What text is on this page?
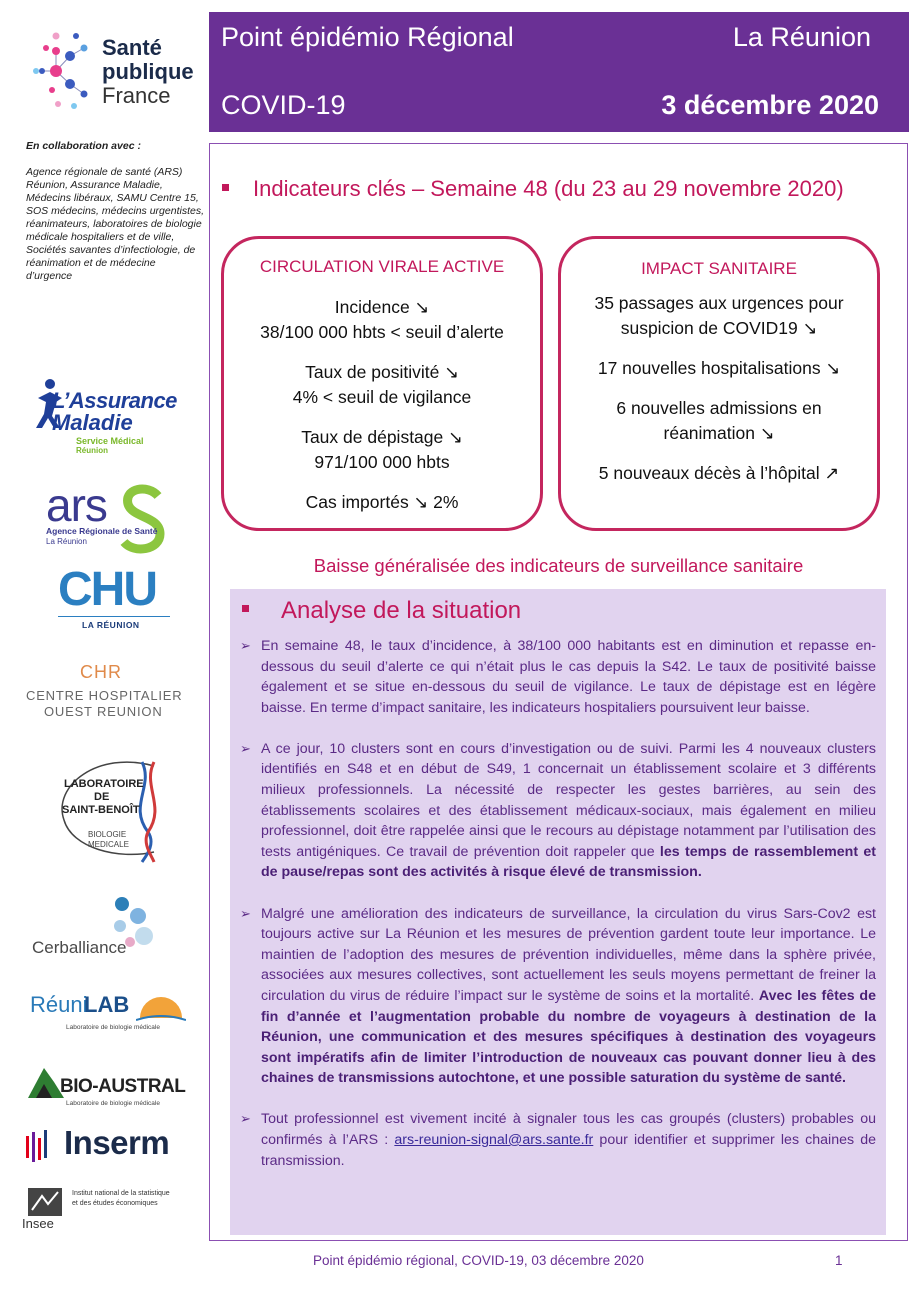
Point épidémio Régional	La Réunion
COVID-19	3 décembre 2020
Santé
publique
France
En collaboration avec :
Agence régionale de santé (ARS) Réunion, Assurance Maladie, Médecins libéraux, SAMU Centre 15, SOS médecins, médecins urgentistes, réanimateurs, laboratoires de biologie médicale hospitaliers et de ville, Sociétés savantes d’infectiologie, de réanimation et de médecine d’urgence
L’Assurance
Maladie
Service Médical
Réunion
ars
Agence Régionale de Santé
La Réunion
CHU
LA RÉUNION
CHR
CENTRE HOSPITALIER
OUEST REUNION
LABORATOIRE
DE
SAINT-BENOÎT
BIOLOGIE
MEDICALE
Cerballiance
Réuni
LAB
Laboratoire de biologie médicale
BIO-AUSTRAL
Laboratoire de biologie médicale
Inserm
Insee
Institut national de la statistique
et des études économiques
Indicateurs clés – Semaine 48 (du 23 au 29 novembre 2020)
CIRCULATION VIRALE ACTIVE
Incidence ↘
38/100 000 hbts < seuil d’alerte
Taux de positivité ↘
4% < seuil de vigilance
Taux de dépistage ↘
971/100 000 hbts
Cas importés ↘ 2%
IMPACT SANITAIRE
35 passages aux urgences pour
suspicion de COVID19 ↘
17 nouvelles hospitalisations ↘
6 nouvelles admissions en
réanimation ↘
5 nouveaux décès à l’hôpital ↗
Baisse généralisée des indicateurs de surveillance sanitaire
Analyse de la situation
➢ En semaine 48, le taux d’incidence, à 38/100 000 habitants est en diminution et repasse en-dessous du seuil d’alerte ce qui n’était plus le cas depuis la S42. Le taux de positivité baisse également et se situe en-dessous du seuil de vigilance. Le taux de dépistage est en légère baisse. En terme d’impact sanitaire, les indicateurs hospitaliers poursuivent leur baisse.
➢ A ce jour, 10 clusters sont en cours d’investigation ou de suivi. Parmi les 4 nouveaux clusters identifiés en S48 et en début de S49, 1 concernait un établissement scolaire et 3 différents milieux professionnels. La nécessité de respecter les gestes barrières, au sein des établissements scolaires et des établissement médicaux-sociaux, mais également en milieu professionnel, doit être rappelée ainsi que le recours au dépistage notamment par l’utilisation des tests antigéniques. Ce travail de prévention doit rappeler que les temps de rassemblement et de pause/repas sont des activités à risque élevé de transmission.
➢ Malgré une amélioration des indicateurs de surveillance, la circulation du virus Sars-Cov2 est toujours active sur La Réunion et les mesures de prévention gardent toute leur importance. Le maintien de l’adoption des mesures de prévention individuelles, même dans la sphère privée, associées aux mesures collectives, sont actuellement les seuls moyens permettant de freiner la circulation du virus de réduire l’impact sur le système de soins et la mortalité. Avec les fêtes de fin d’année et l’augmentation probable du nombre de voyageurs à destination de la Réunion, une communication et des mesures spécifiques à destination des voyageurs sont impératifs afin de limiter l’introduction de nouveaux cas pouvant donner lieu à des chaines de transmissions autochtone, et une possible saturation du système de santé.
➢ Tout professionnel est vivement incité à signaler tous les cas groupés (clusters) probables ou confirmés à l’ARS : ars-reunion-signal@ars.sante.fr pour identifier et supprimer les chaines de transmission.
Point épidémio régional, COVID-19, 03 décembre 2020	1
